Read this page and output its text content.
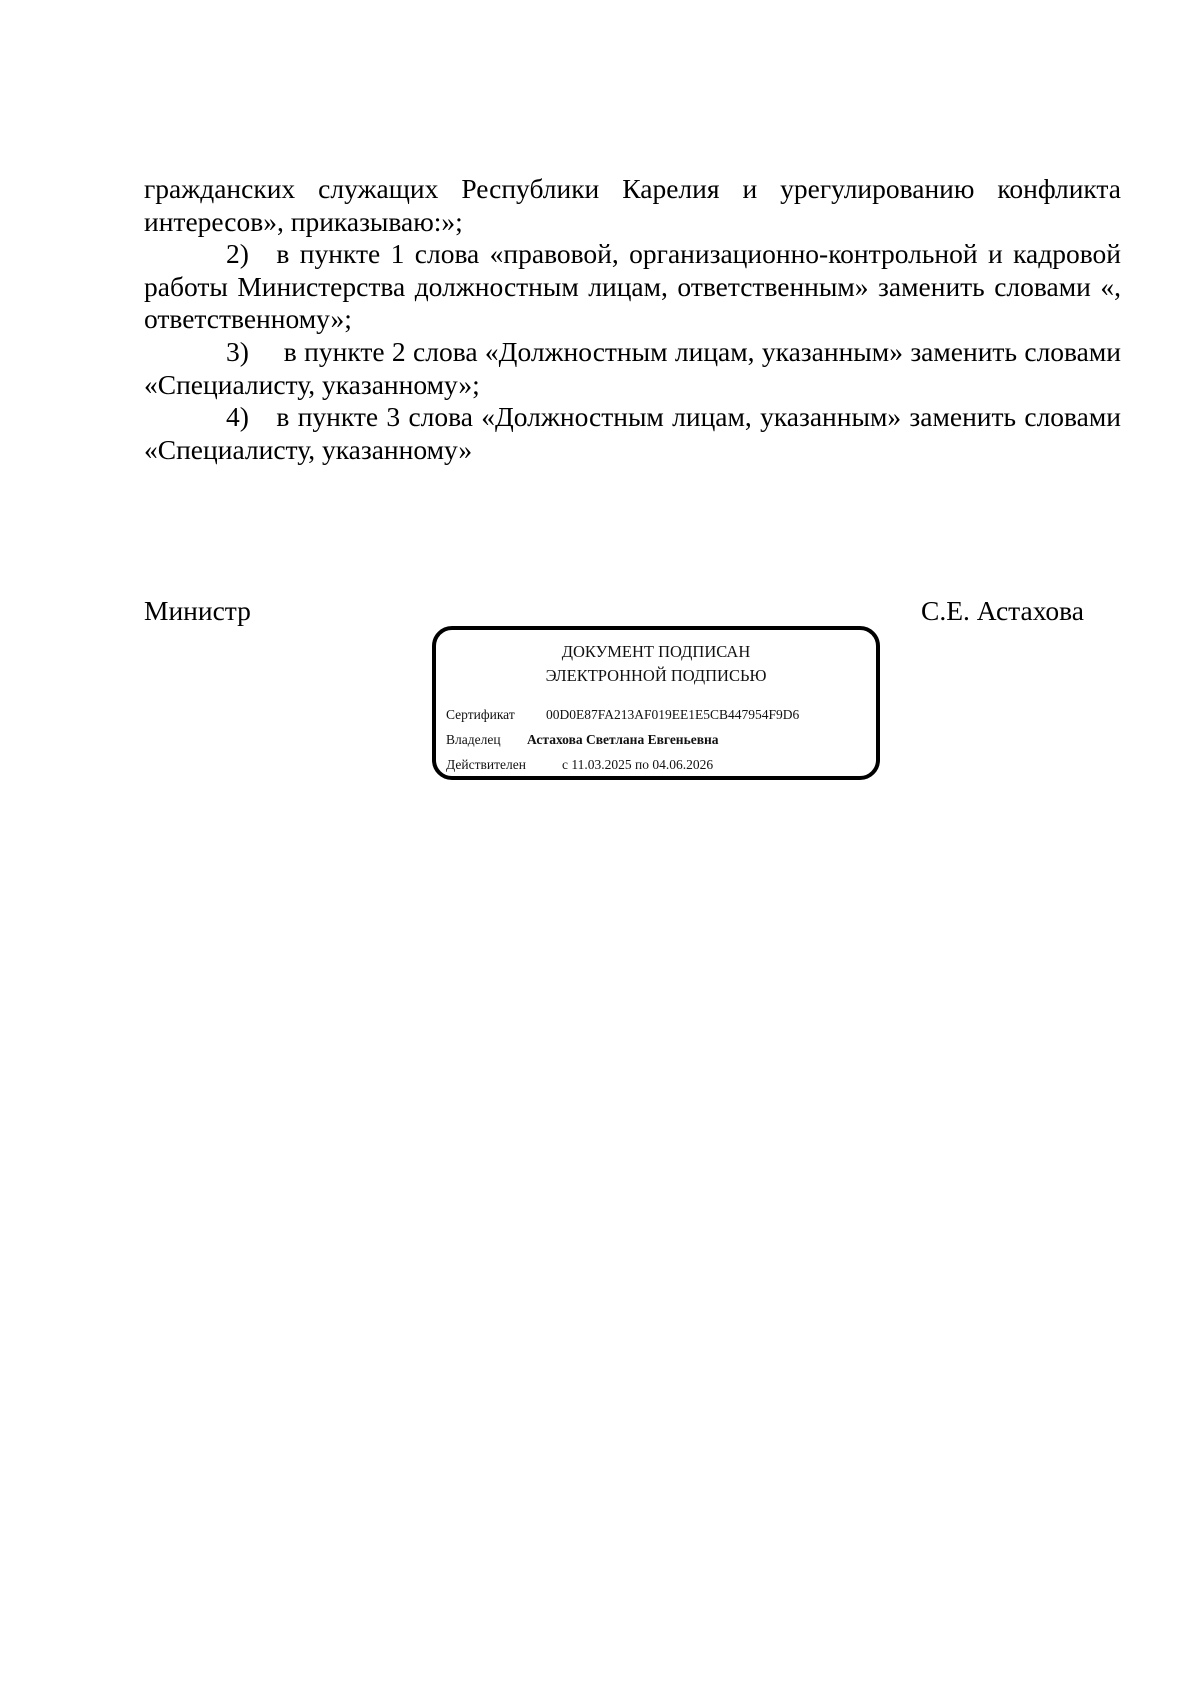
гражданских служащих Республики Карелия и урегулированию конфликта интересов», приказываю:»;

2) в пункте 1 слова «правовой, организационно-контрольной и кадровой работы Министерства должностным лицам, ответственным» заменить словами «, ответственному»;

3)  в пункте 2 слова «Должностным лицам, указанным» заменить словами «Специалисту, указанному»;

4) в пункте 3 слова «Должностным лицам, указанным» заменить словами «Специалисту, указанному»

Министр	С.Е. Астахова
ДОКУМЕНТ ПОДПИСАН
ЭЛЕКТРОННОЙ ПОДПИСЬЮ
Сертификат 00D0E87FA213AF019EE1E5CB447954F9D6
Владелец Астахова Светлана Евгеньевна
Действителен	с 11.03.2025 по 04.06.2026
